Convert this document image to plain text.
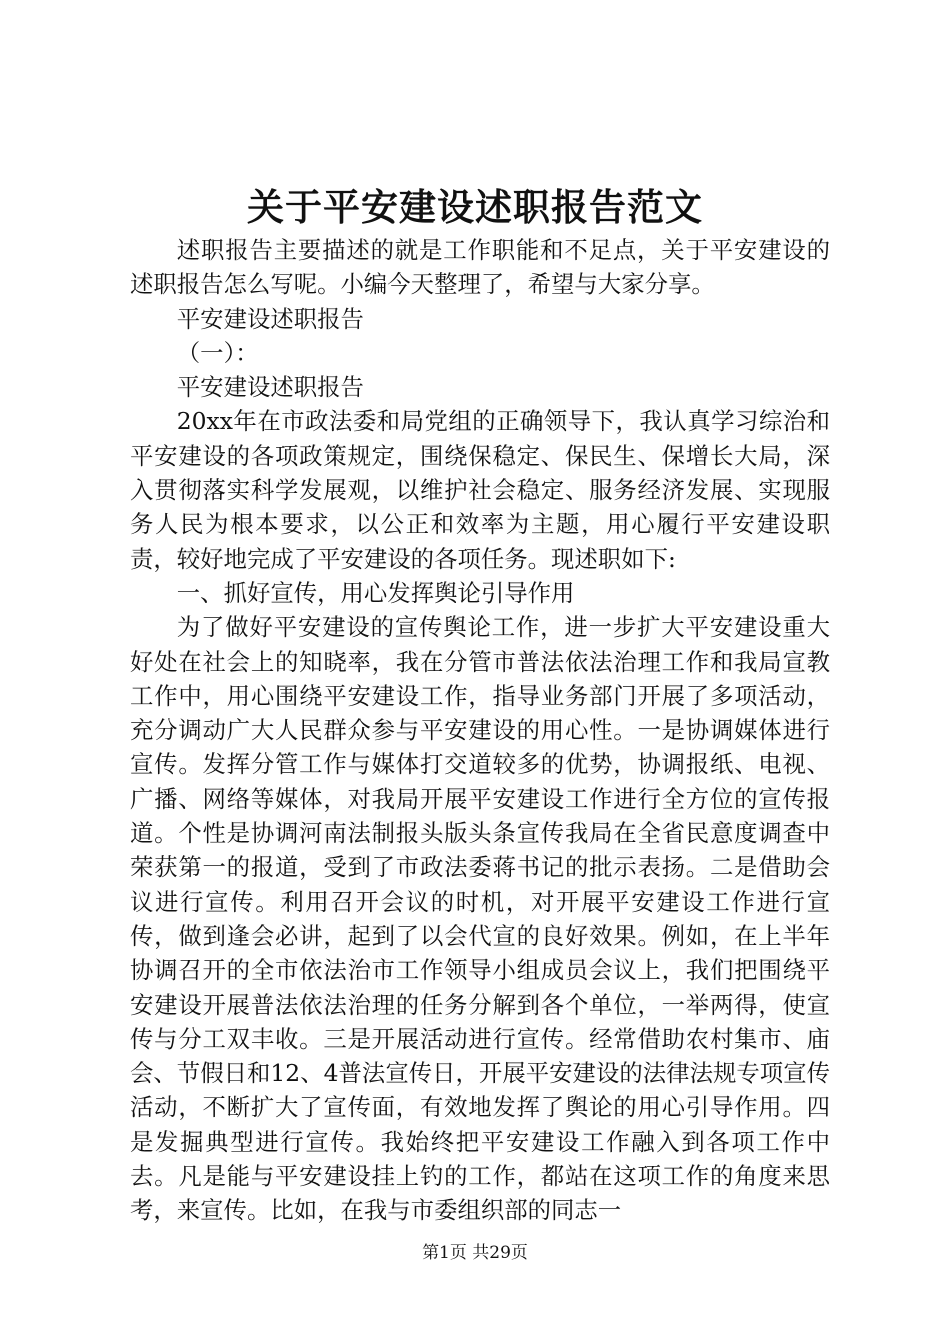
关于平安建设述职报告范文

述职报告主要描述的就是工作职能和不足点，关于平安建设的述职报告怎么写呢。小编今天整理了，希望与大家分享。

平安建设述职报告

（一）：

平安建设述职报告

20xx年在市政法委和局党组的正确领导下，我认真学习综治和平安建设的各项政策规定，围绕保稳定、保民生、保增长大局，深入贯彻落实科学发展观，以维护社会稳定、服务经济发展、实现服务人民为根本要求，以公正和效率为主题，用心履行平安建设职责，较好地完成了平安建设的各项任务。现述职如下:

一、抓好宣传，用心发挥舆论引导作用

为了做好平安建设的宣传舆论工作，进一步扩大平安建设重大好处在社会上的知晓率，我在分管市普法依法治理工作和我局宣教工作中，用心围绕平安建设工作，指导业务部门开展了多项活动，充分调动广大人民群众参与平安建设的用心性。一是协调媒体进行宣传。发挥分管工作与媒体打交道较多的优势，协调报纸、电视、广播、网络等媒体，对我局开展平安建设工作进行全方位的宣传报道。个性是协调河南法制报头版头条宣传我局在全省民意度调查中荣获第一的报道，受到了市政法委蒋书记的批示表扬。二是借助会议进行宣传。利用召开会议的时机，对开展平安建设工作进行宣传，做到逢会必讲，起到了以会代宣的良好效果。例如，在上半年协调召开的全市依法治市工作领导小组成员会议上，我们把围绕平安建设开展普法依法治理的任务分解到各个单位，一举两得，使宣传与分工双丰收。三是开展活动进行宣传。经常借助农村集市、庙会、节假日和12、4普法宣传日，开展平安建设的法律法规专项宣传活动，不断扩大了宣传面，有效地发挥了舆论的用心引导作用。四是发掘典型进行宣传。我始终把平安建设工作融入到各项工作中去。凡是能与平安建设挂上钓的工作，都站在这项工作的角度来思考，来宣传。比如，在我与市委组织部的同志一

第1页 共29页
